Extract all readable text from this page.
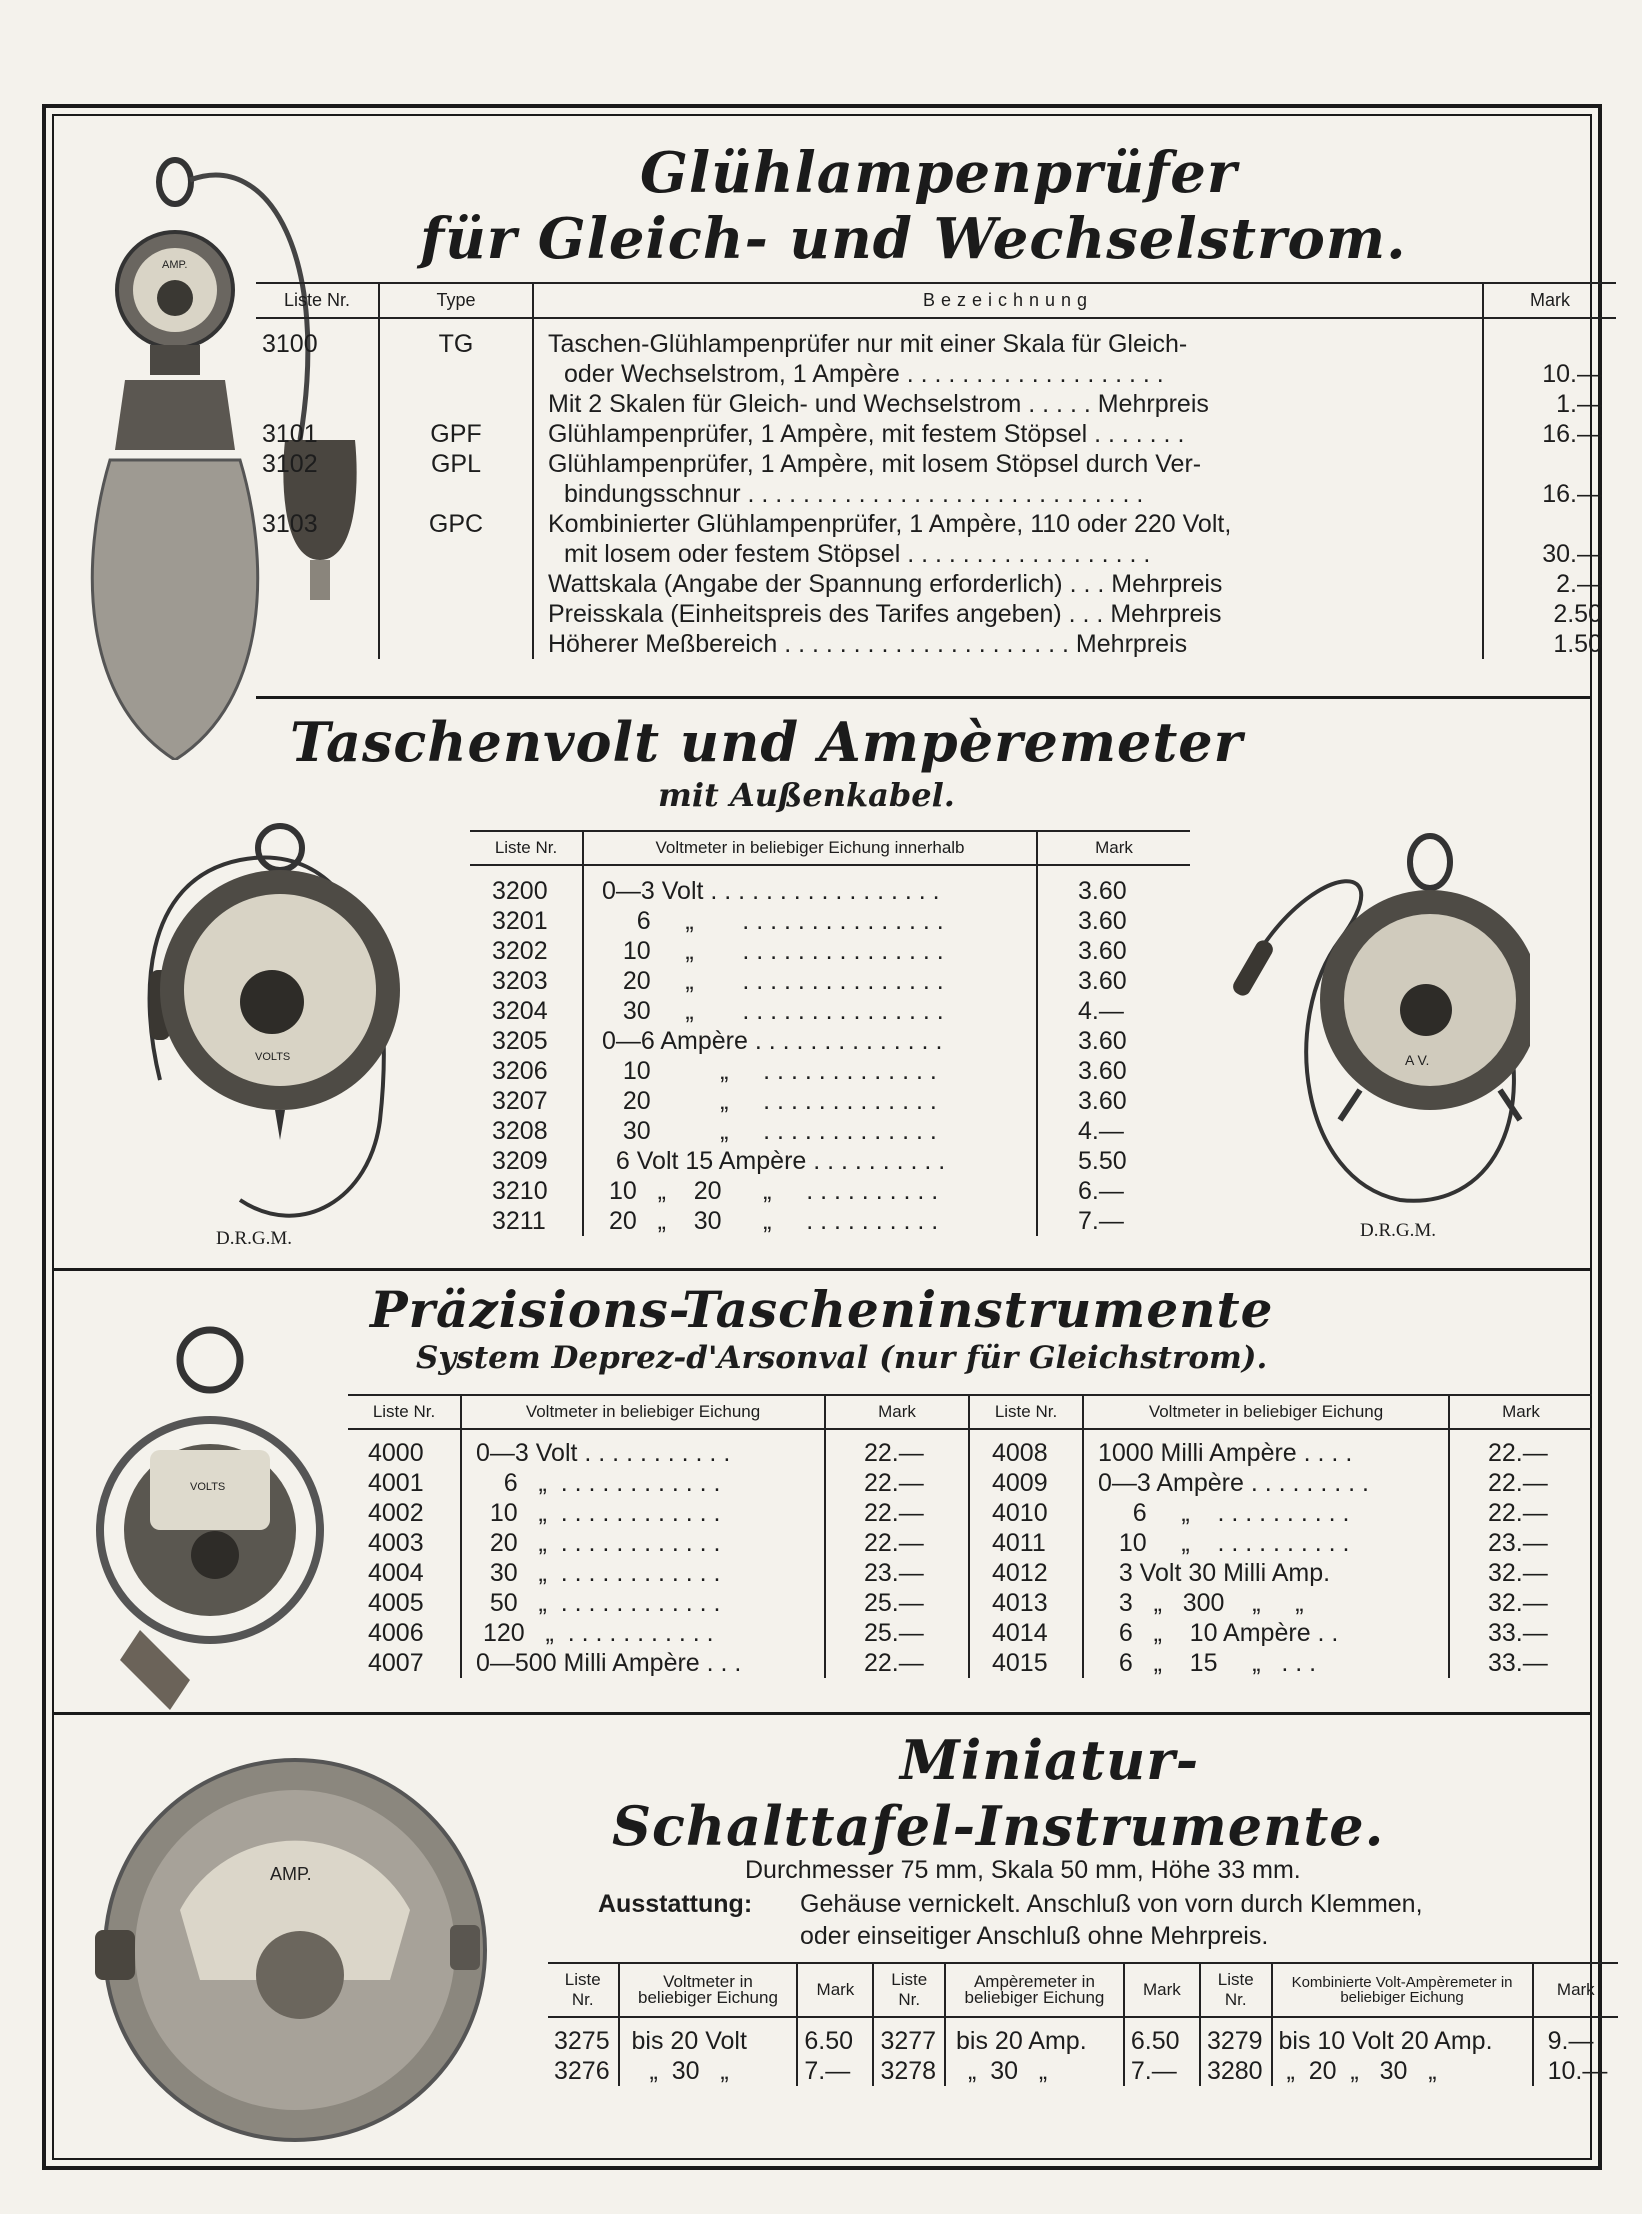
Glühlampenprüfer
für Gleich- und Wechselstrom.
AMP.
Liste Nr.	Type	Bezeichnung	Mark
3100	TG	Taschen-Glühlampenprüfer nur mit einer Skala für Gleich-	
		oder Wechselstrom, 1 Ampère . . . . . . . . . . . . . . . . . . .	10.—
		Mit 2 Skalen für Gleich- und Wechselstrom . . . . . Mehrpreis	1.—
3101	GPF	Glühlampenprüfer, 1 Ampère, mit festem Stöpsel . . . . . . .	16.—
3102	GPL	Glühlampenprüfer, 1 Ampère, mit losem Stöpsel durch Ver-	
		bindungsschnur . . . . . . . . . . . . . . . . . . . . . . . . . . . . .	16.—
3103	GPC	Kombinierter Glühlampenprüfer, 1 Ampère, 110 oder 220 Volt,	
		mit losem oder festem Stöpsel . . . . . . . . . . . . . . . . . .	30.—
		Wattskala (Angabe der Spannung erforderlich) . . . Mehrpreis	2.—
		Preisskala (Einheitspreis des Tarifes angeben) . . . Mehrpreis	2.50
		Höherer Meßbereich . . . . . . . . . . . . . . . . . . . . . Mehrpreis	1.50
Taschenvolt und Ampèremeter
mit Außenkabel.
VOLTS
D.R.G.M.
A V.
D.R.G.M.
Liste Nr.	Voltmeter in beliebiger Eichung innerhalb	Mark
3200	0—3 Volt . . . . . . . . . . . . . . . . .	3.60
3201	6     „       . . . . . . . . . . . . . . .	3.60
3202	10     „       . . . . . . . . . . . . . . .	3.60
3203	20     „       . . . . . . . . . . . . . . .	3.60
3204	30     „       . . . . . . . . . . . . . . .	4.—
3205	0—6 Ampère . . . . . . . . . . . . . .	3.60
3206	10          „     . . . . . . . . . . . . .	3.60
3207	20          „     . . . . . . . . . . . . .	3.60
3208	30          „     . . . . . . . . . . . . .	4.—
3209	6 Volt 15 Ampère . . . . . . . . . .	5.50
3210	10   „    20      „     . . . . . . . . . .	6.—
3211	20   „    30      „     . . . . . . . . . .	7.—
Präzisions-Tascheninstrumente
System Deprez-d'Arsonval (nur für Gleichstrom).
VOLTS
Liste Nr.	Voltmeter in beliebiger Eichung	Mark
4000	0—3 Volt . . . . . . . . . . .	22.—
4001	6   „  . . . . . . . . . . . .	22.—
4002	10   „  . . . . . . . . . . . .	22.—
4003	20   „  . . . . . . . . . . . .	22.—
4004	30   „  . . . . . . . . . . . .	23.—
4005	50   „  . . . . . . . . . . . .	25.—
4006	120   „  . . . . . . . . . . .	25.—
4007	0—500 Milli Ampère . . .	22.—
Liste Nr.	Voltmeter in beliebiger Eichung	Mark
4008	1000 Milli Ampère . . . .	22.—
4009	0—3 Ampère . . . . . . . . .	22.—
4010	6     „    . . . . . . . . . .	22.—
4011	10     „    . . . . . . . . . .	23.—
4012	3 Volt 30 Milli Amp.	32.—
4013	3   „   300    „     „	32.—
4014	6   „    10 Ampère . .	33.—
4015	6   „    15     „   . . .	33.—
Miniatur-
Schalttafel-Instrumente.
Durchmesser 75 mm, Skala 50 mm, Höhe 33 mm.
Ausstattung: Gehäuse vernickelt. Anschluß von vorn durch Klemmen,
oder einseitiger Anschluß ohne Mehrpreis.
AMP.
Liste Nr.	Voltmeter in beliebiger Eichung	Mark	Liste Nr.	Ampèremeter in beliebiger Eichung	Mark	Liste Nr.	Kombinierte Volt-Ampèremeter in beliebiger Eichung	Mark
3275	bis 20 Volt	6.50	3277	bis 20 Amp.	6.50	3279	bis 10 Volt 20 Amp.	9.—
3276	„  30   „	7.—	3278	„  30   „	7.—	3280	„  20  „   30   „	10.—
